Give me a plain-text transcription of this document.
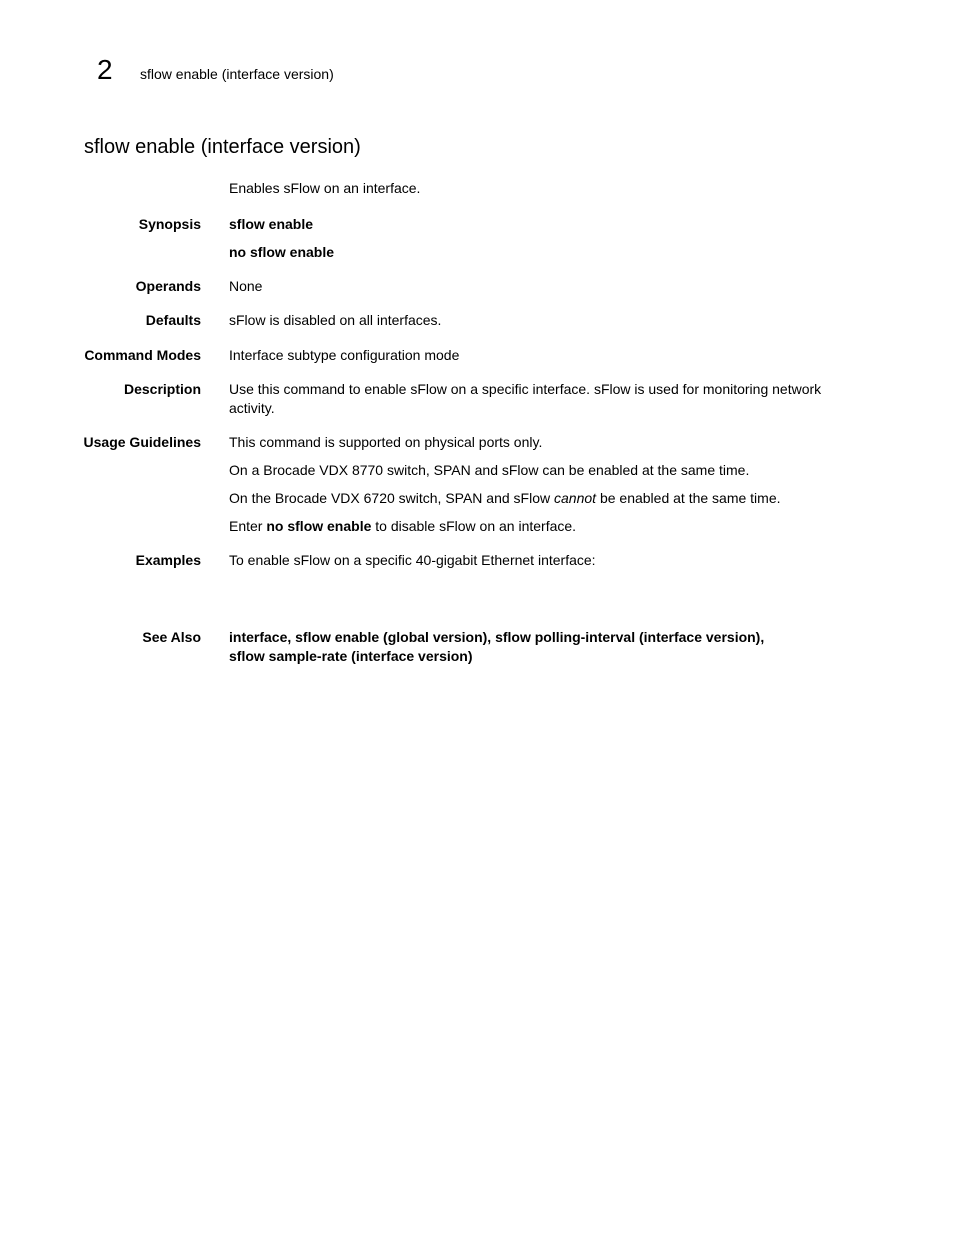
2 sflow enable (interface version)
sflow enable (interface version)

Enables sFlow on an interface.

Synopsis sflow enable

no sflow enable

Operands None

Defaults sFlow is disabled on all interfaces.

Command Modes Interface subtype configuration mode

Description Use this command to enable sFlow on a specific interface. sFlow is used for monitoring network activity.

Usage Guidelines This command is supported on physical ports only.

On a Brocade VDX 8770 switch, SPAN and sFlow can be enabled at the same time.

On the Brocade VDX 6720 switch, SPAN and sFlow cannot be enabled at the same time.

Enter no sflow enable to disable sFlow on an interface.

Examples To enable sFlow on a specific 40-gigabit Ethernet interface:

See Also interface, sflow enable (global version), sflow polling-interval (interface version),

sflow sample-rate (interface version)
